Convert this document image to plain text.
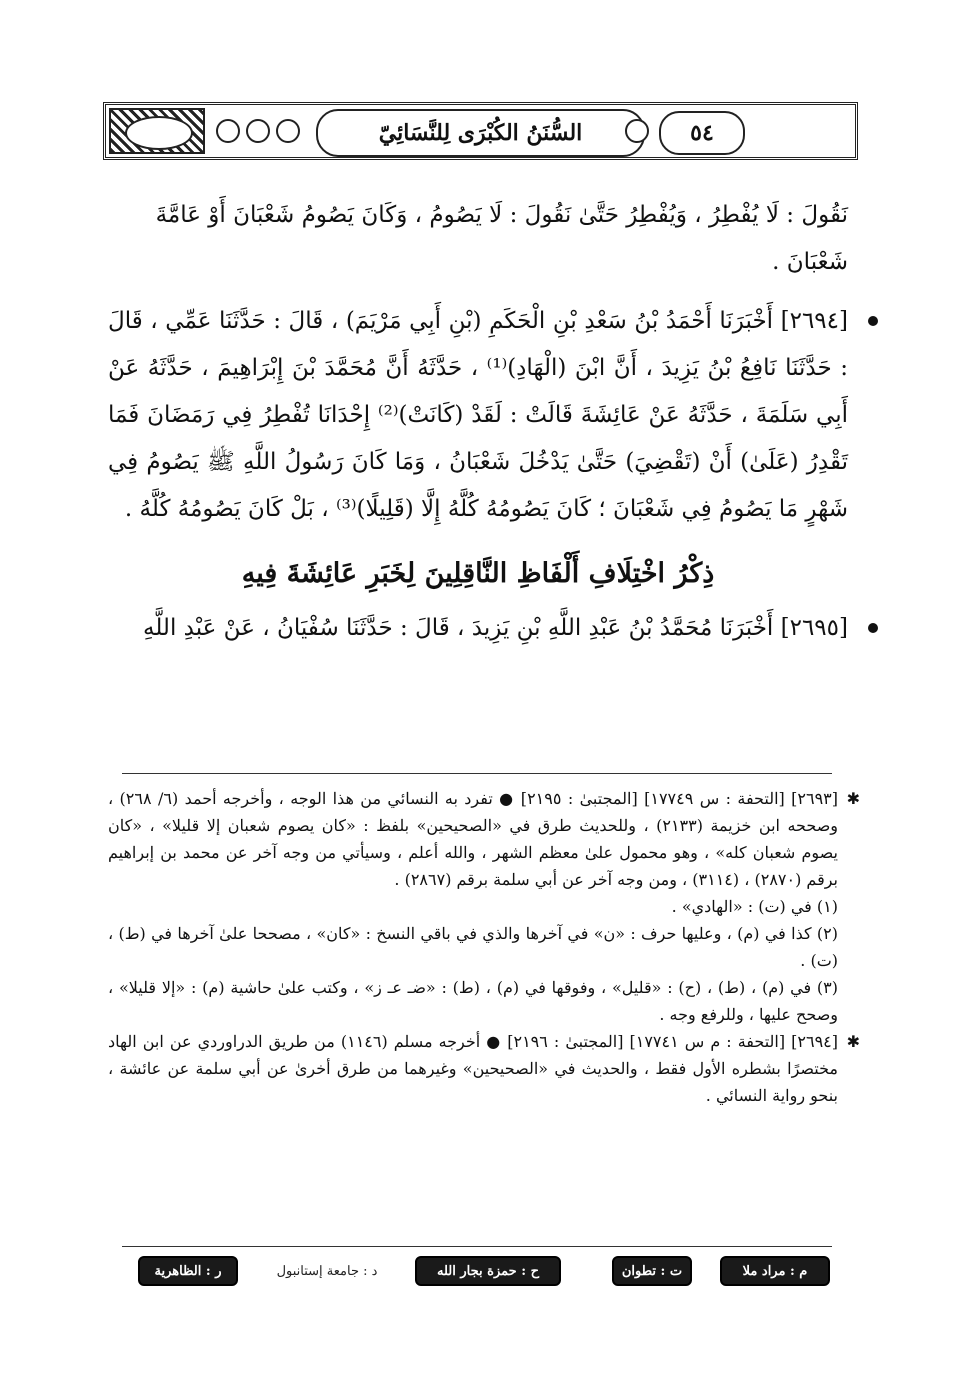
السُّنَنُ الكُبْرَى لِلنَّسَائِيّ	٥٤

نَقُولَ : لَا يُفْطِرُ ، وَيُفْطِرُ حَتَّىٰ نَقُولَ : لَا يَصُومُ ، وَكَانَ يَصُومُ شَعْبَانَ أَوْ عَامَّةَ

شَعْبَانَ .

[٢٦٩٤] أَخْبَرَنَا أَحْمَدُ بْنُ سَعْدِ بْنِ الْحَكَمِ (بْنِ أَبِي مَرْيَمَ) ، قَالَ : حَدَّثَنَا عَمِّي ، قَالَ : حَدَّثَنَا نَافِعُ بْنُ يَزِيدَ ، أَنَّ ابْنَ (الْهَادِ)⁽¹⁾ ، حَدَّثَهُ أَنَّ مُحَمَّدَ بْنَ إِبْرَاهِيمَ ، حَدَّثَهُ عَنْ أَبِي سَلَمَةَ ، حَدَّثَهُ عَنْ عَائِشَةَ قَالَتْ : لَقَدْ (كَانَتْ)⁽²⁾ إِحْدَانَا تُفْطِرُ فِي رَمَضَانَ فَمَا تَقْدِرُ (عَلَىٰ) أَنْ (تَقْضِيَ) حَتَّىٰ يَدْخُلَ شَعْبَانُ ، وَمَا كَانَ رَسُولُ اللَّهِ ﷺ يَصُومُ فِي شَهْرٍ مَا يَصُومُ فِي شَعْبَانَ ؛ كَانَ يَصُومُهُ كُلَّهُ إِلَّا (قَلِيلًا)⁽³⁾ ، بَلْ كَانَ يَصُومُهُ كُلَّهُ .

ذِكْرُ اخْتِلَافِ أَلْفَاظِ النَّاقِلِينَ لِخَبَرِ عَائِشَةَ فِيهِ

[٢٦٩٥] أَخْبَرَنَا مُحَمَّدُ بْنُ عَبْدِ اللَّهِ بْنِ يَزِيدَ ، قَالَ : حَدَّثَنَا سُفْيَانُ ، عَنْ عَبْدِ اللَّهِ

✱

[٢٦٩٣] [التحفة : س ١٧٧٤٩] [المجتبىٰ : ٢١٩٥] ● تفرد به النسائي من هذا الوجه ، وأخرجه أحمد (٦/ ٢٦٨) ، وصححه ابن خزيمة (٢١٣٣) ، وللحديث طرق في «الصحيحين» بلفظ : «كان يصوم شعبان إلا قليلا» ، «كان يصوم شعبان كله» ، وهو محمول علىٰ معظم الشهر ، والله أعلم ، وسيأتي من وجه آخر عن محمد بن إبراهيم برقم (٢٨٧٠) ، (٣١١٤) ، ومن وجه آخر عن أبي سلمة برقم (٢٨٦٧) .

(١) في (ت) : «الهادي» .

(٢) كذا في (م) ، وعليها حرف : «ن» في آخرها والذي في باقي النسخ : «كان» ، مصححا علىٰ آخرها في (ط) ، (ت) .

(٣) في (م) ، (ط) ، (ح) : «قليل» ، وفوقها في (م) ، (ط) : «ضـ عـ ز» ، وكتب علىٰ حاشية (م) : «إلا قليلا» ، وصحح عليها ، وللرفع وجه .

✱

[٢٦٩٤] [التحفة : م س ١٧٧٤١] [المجتبىٰ : ٢١٩٦] ● أخرجه مسلم (١١٤٦) من طريق الدراوردي عن ابن الهاد مختصرًا بشطره الأول فقط ، والحديث في «الصحيحين» وغيرهما من طرق أخرىٰ عن أبي سلمة عن عائشة ، بنحو رواية النسائي .

م : مراد ملا
ت : تطوان
ح : حمزة بجار الله
د : جامعة إستانبول
ر : الظاهرية
